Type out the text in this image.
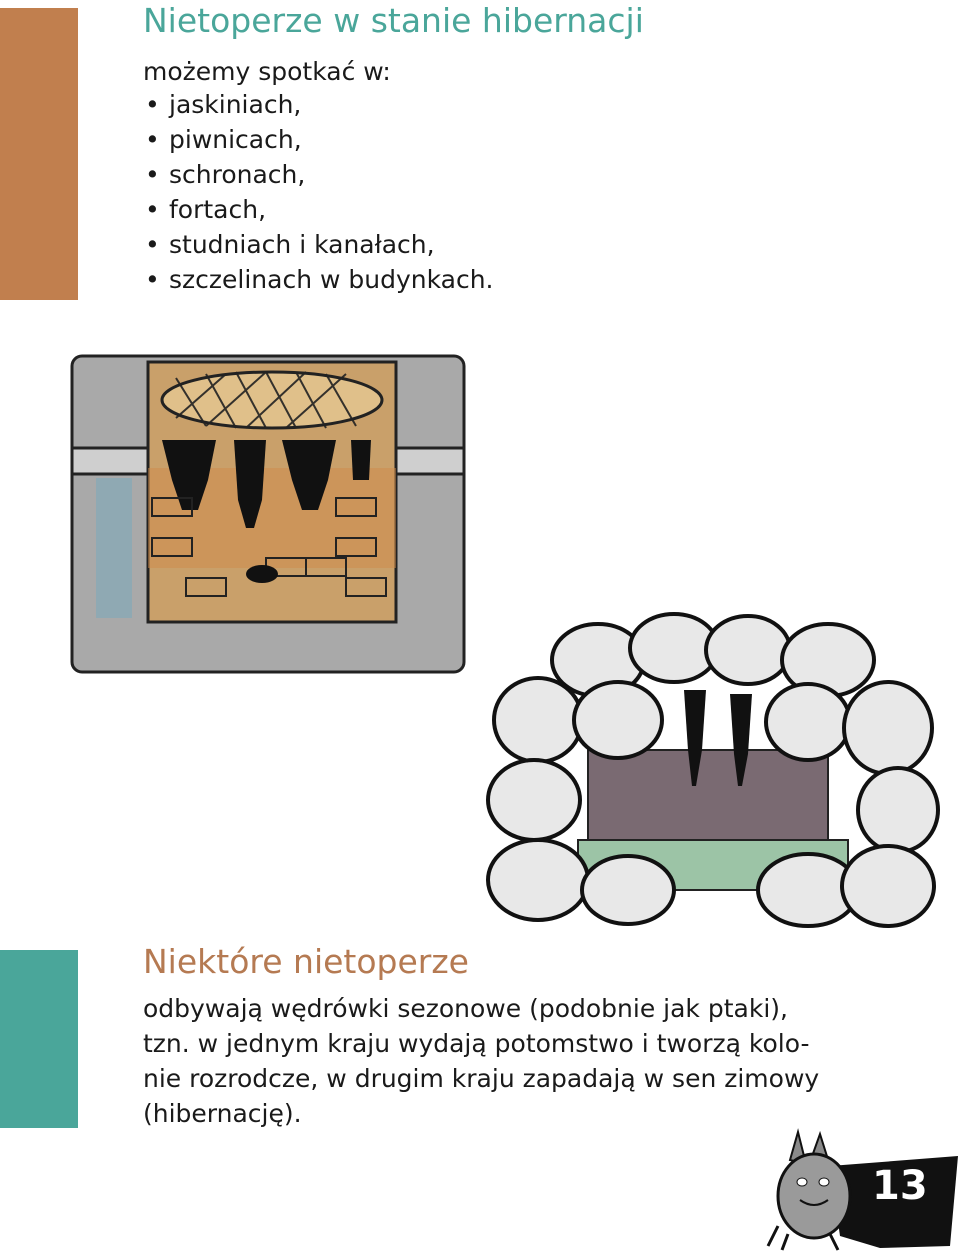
Nietoperze w stanie hibernacji

możemy spotkać w:

• jaskiniach,
• piwnicach,
• schronach,
• fortach,
• studniach i kanałach,
• szczelinach w budynkach.
Niektóre nietoperze
odbywają wędrówki sezonowe (podobnie jak ptaki),
tzn. w jednym kraju wydają potomstwo i tworzą kolo-
nie rozrodcze, w drugim kraju zapadają w sen zimowy
(hibernację).
13
